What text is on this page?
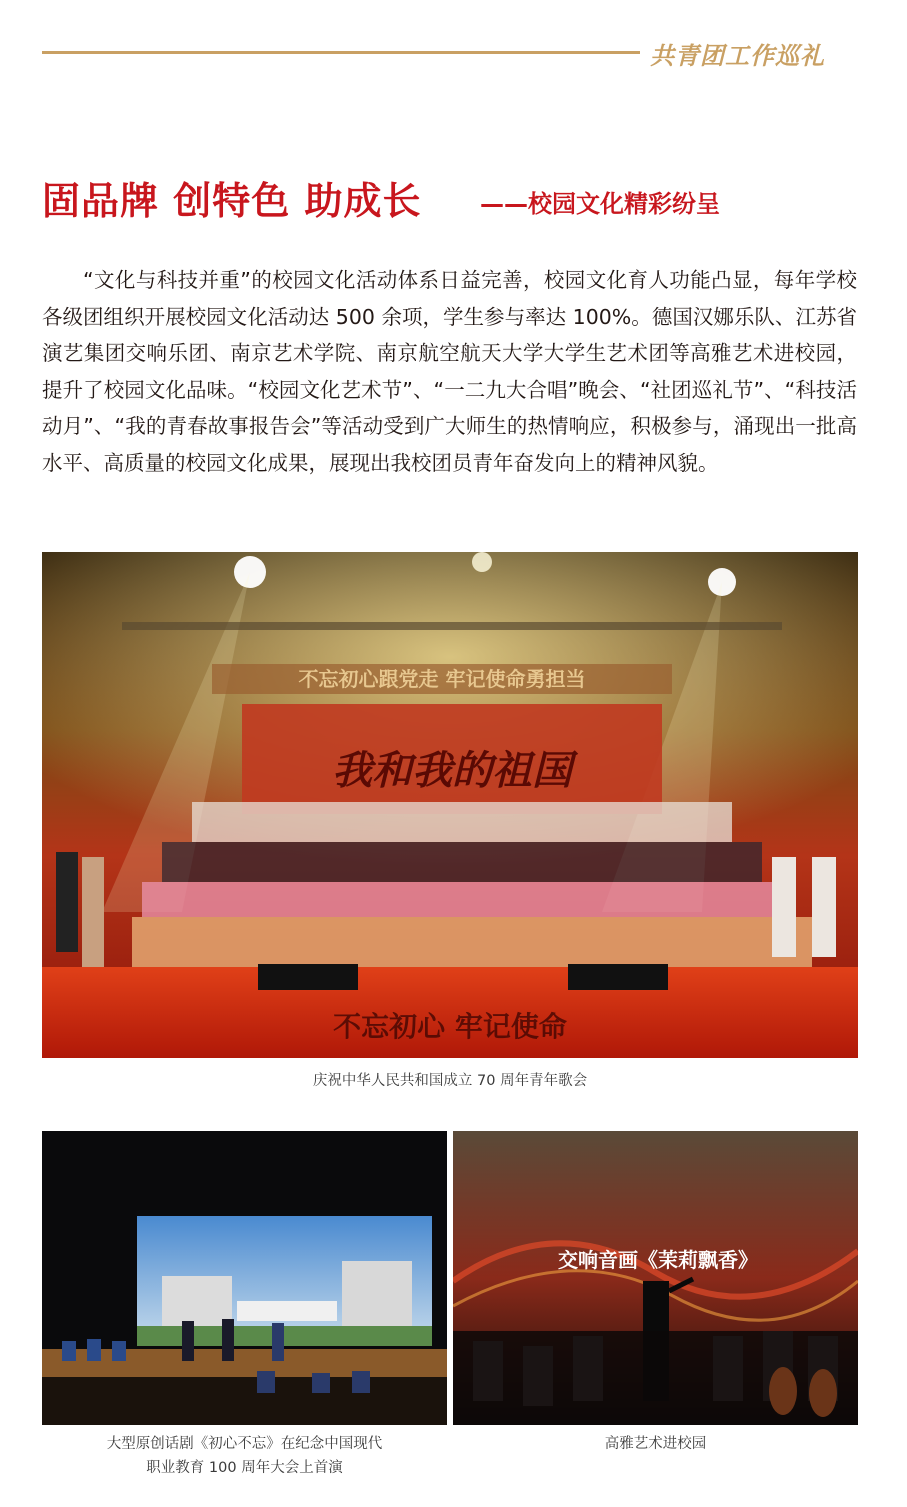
共青团工作巡礼
固品牌 创特色 助成长 ——校园文化精彩纷呈

“文化与科技并重”的校园文化活动体系日益完善，校园文化育人功能凸显，每年学校各级团组织开展校园文化活动达 500 余项，学生参与率达 100%。德国汉娜乐队、江苏省演艺集团交响乐团、南京艺术学院、南京航空航天大学大学生艺术团等高雅艺术进校园，提升了校园文化品味。“校园文化艺术节”、“一二九大合唱”晚会、“社团巡礼节”、“科技活动月”、“我的青春故事报告会”等活动受到广大师生的热情响应，积极参与，涌现出一批高水平、高质量的校园文化成果，展现出我校团员青年奋发向上的精神风貌。

不忘初心跟党走 牢记使命勇担当
我和我的祖国
不忘初心 牢记使命
庆祝中华人民共和国成立 70 周年青年歌会
大型原创话剧《初心不忘》在纪念中国现代
职业教育 100 周年大会上首演
交响音画《茉莉飘香》
高雅艺术进校园
